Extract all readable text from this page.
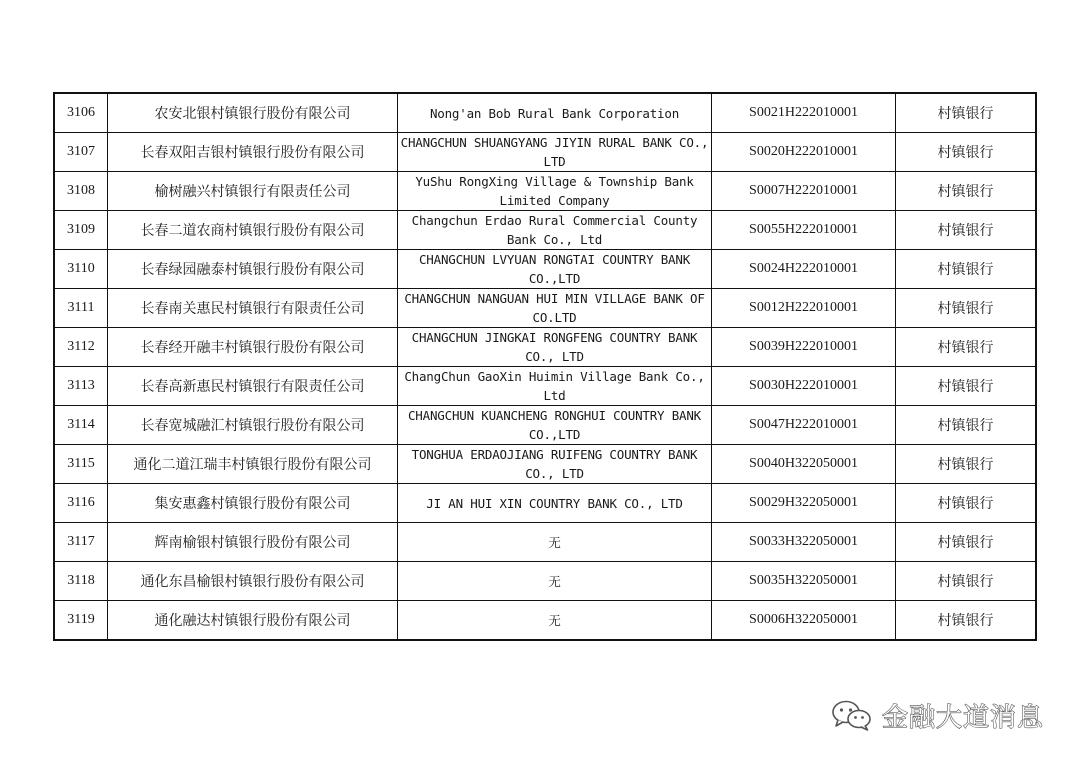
3106	农安北银村镇银行股份有限公司	Nong'an Bob Rural Bank Corporation	S0021H222010001	村镇银行
3107	长春双阳吉银村镇银行股份有限公司	CHANGCHUN SHUANGYANG JIYIN RURAL BANK CO., LTD	S0020H222010001	村镇银行
3108	榆树融兴村镇银行有限责任公司	YuShu RongXing Village & Township Bank Limited Company	S0007H222010001	村镇银行
3109	长春二道农商村镇银行股份有限公司	Changchun Erdao Rural Commercial County Bank Co., Ltd	S0055H222010001	村镇银行
3110	长春绿园融泰村镇银行股份有限公司	CHANGCHUN LVYUAN RONGTAI COUNTRY BANK CO.,LTD	S0024H222010001	村镇银行
3111	长春南关惠民村镇银行有限责任公司	CHANGCHUN NANGUAN HUI MIN VILLAGE BANK OF CO.LTD	S0012H222010001	村镇银行
3112	长春经开融丰村镇银行股份有限公司	CHANGCHUN JINGKAI RONGFENG COUNTRY BANK CO., LTD	S0039H222010001	村镇银行
3113	长春高新惠民村镇银行有限责任公司	ChangChun GaoXin Huimin Village Bank Co., Ltd	S0030H222010001	村镇银行
3114	长春宽城融汇村镇银行股份有限公司	CHANGCHUN KUANCHENG RONGHUI COUNTRY BANK CO.,LTD	S0047H222010001	村镇银行
3115	通化二道江瑞丰村镇银行股份有限公司	TONGHUA ERDAOJIANG RUIFENG COUNTRY BANK CO., LTD	S0040H322050001	村镇银行
3116	集安惠鑫村镇银行股份有限公司	JI AN HUI XIN COUNTRY BANK CO., LTD	S0029H322050001	村镇银行
3117	辉南榆银村镇银行股份有限公司	无	S0033H322050001	村镇银行
3118	通化东昌榆银村镇银行股份有限公司	无	S0035H322050001	村镇银行
3119	通化融达村镇银行股份有限公司	无	S0006H322050001	村镇银行
金融大道消息
